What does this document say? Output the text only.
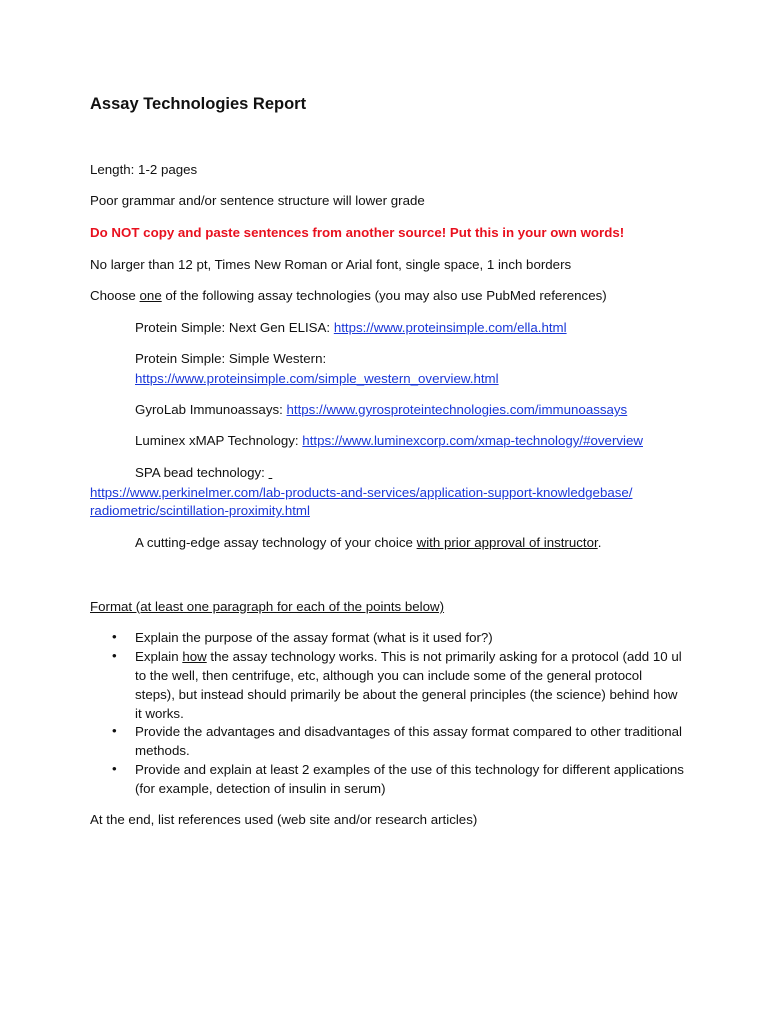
Assay Technologies Report
Length: 1-2 pages
Poor grammar and/or sentence structure will lower grade
Do NOT copy and paste sentences from another source! Put this in your own words!
No larger than 12 pt, Times New Roman or Arial font, single space, 1 inch borders
Choose one of the following assay technologies (you may also use PubMed references)
Protein Simple: Next Gen ELISA: https://www.proteinsimple.com/ella.html
Protein Simple: Simple Western:
https://www.proteinsimple.com/simple_western_overview.html
GyroLab Immunoassays: https://www.gyrosproteintechnologies.com/immunoassays
Luminex xMAP Technology: https://www.luminexcorp.com/xmap-technology/#overview
SPA bead technology:
https://www.perkinelmer.com/lab-products-and-services/application-support-knowledgebase/
radiometric/scintillation-proximity.html
A cutting-edge assay technology of your choice with prior approval of instructor.
Format (at least one paragraph for each of the points below)
• Explain the purpose of the assay format (what is it used for?)
• Explain how the assay technology works. This is not primarily asking for a protocol (add 10 ul to the well, then centrifuge, etc, although you can include some of the general protocol steps), but instead should primarily be about the general principles (the science) behind how it works.
• Provide the advantages and disadvantages of this assay format compared to other traditional methods.
• Provide and explain at least 2 examples of the use of this technology for different applications (for example, detection of insulin in serum)
At the end, list references used (web site and/or research articles)
